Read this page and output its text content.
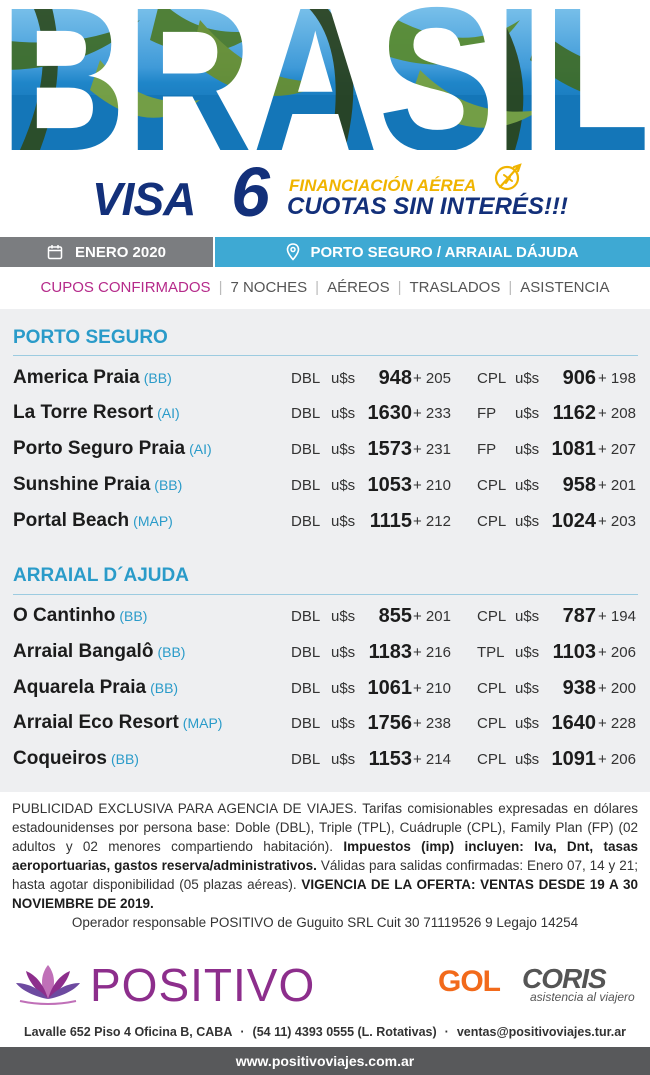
VISA 6 FINANCIACIÓN AÉREA
CUOTAS SIN INTERÉS!!!
ENERO 2020	PORTO SEGURO / ARRAIAL DÁJUDA
CUPOS CONFIRMADOS | 7 NOCHES | AÉREOS | TRASLADOS | ASISTENCIA
PORTO SEGURO
America Praia (BB)	DBL u$s 948 + 205 CPL u$s 906 + 198
La Torre Resort (AI)	DBL u$s 1630 + 233 FP u$s 1162 + 208
Porto Seguro Praia (AI)	DBL u$s 1573 + 231 FP u$s 1081 + 207
Sunshine Praia (BB)	DBL u$s 1053 + 210 CPL u$s 958 + 201
Portal Beach (MAP)	DBL u$s 1115 + 212 CPL u$s 1024 + 203
ARRAIAL D´AJUDA
O Cantinho (BB)	DBL u$s 855 + 201 CPL u$s 787 + 194
Arraial Bangalô (BB)	DBL u$s 1183 + 216 TPL u$s 1103 + 206
Aquarela Praia (BB)	DBL u$s 1061 + 210 CPL u$s 938 + 200
Arraial Eco Resort (MAP)	DBL u$s 1756 + 238 CPL u$s 1640 + 228
Coqueiros (BB)	DBL u$s 1153 + 214 CPL u$s 1091 + 206
PUBLICIDAD EXCLUSIVA PARA AGENCIA DE VIAJES. Tarifas comisionables expresadas en dólares estadounidenses por persona base: Doble (DBL), Triple (TPL), Cuádruple (CPL), Family Plan (FP) (02 adultos y 02 menores compartiendo habitación). Impuestos (imp) incluyen: Iva, Dnt, tasas aeroportuarias, gastos reserva/administrativos. Válidas para salidas confirmadas: Enero 07, 14 y 21; hasta agotar disponibilidad (05 plazas aéreas). VIGENCIA DE LA OFERTA: VENTAS DESDE 19 A 30 NOVIEMBRE DE 2019.
Operador responsable POSITIVO de Guguito SRL Cuit 30 71119526 9 Legajo 14254
POSITIVO	GOL CORIS
asistencia al viajero
Lavalle 652 Piso 4 Oficina B, CABA · (54 11) 4393 0555 (L. Rotativas) · ventas@positivoviajes.tur.ar
www.positivoviajes.com.ar
